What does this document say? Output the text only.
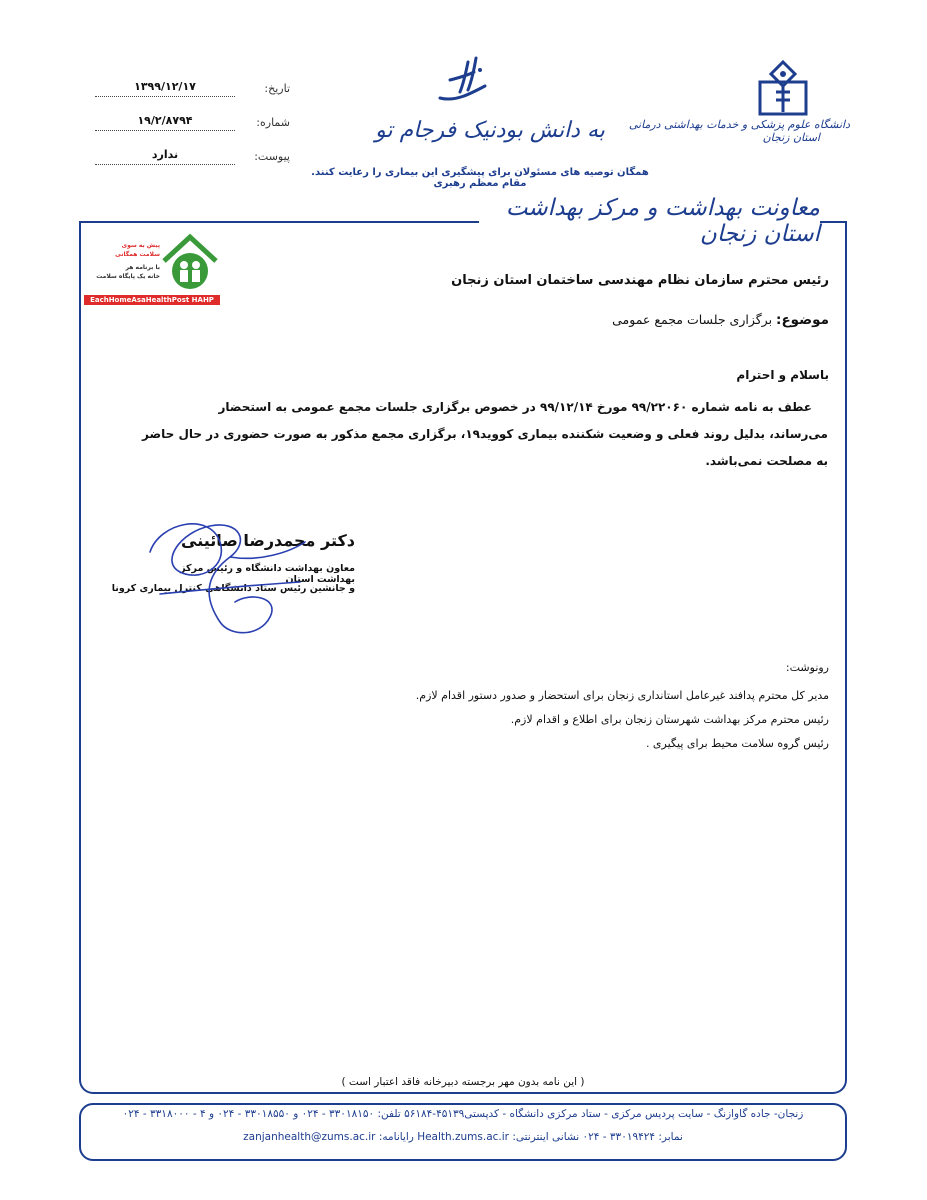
تاریخ:
۱۳۹۹/۱۲/۱۷
شماره:
۱۹/۲/۸۷۹۴
پیوست:
ندارد
به دانش بودنیک فرجام تو
همگان توصیه های مسئولان برای پیشگیری این بیماری را رعایت کنند. مقام معظم رهبری
دانشگاه علوم پزشکی و خدمات بهداشتی درمانی
استان زنجان
معاونت بهداشت و مرکز بهداشت استان زنجان
پیش به سوی
سلامت همگانی
با برنامه هر
خانه یک پایگاه سلامت
EachHomeAsaHealthPost HAHP
رئیس محترم سازمان نظام مهندسی ساختمان استان زنجان
موضوع: برگزاری جلسات مجمع عمومی
باسلام و احترام

عطف به نامه شماره ۹۹/۲۲۰۶۰ مورخ ۹۹/۱۲/۱۴ در خصوص برگزاری جلسات مجمع عمومی به استحضار

می‌رساند، بدلیل روند فعلی و وضعیت شکننده بیماری کووید۱۹، برگزاری مجمع مذکور به صورت حضوری در حال حاضر

به مصلحت نمی‌باشد.

دکتر محمدرضا صائینی
معاون بهداشت دانشگاه و رئیس مرکز بهداشت استان
و جانشین رئیس ستاد دانشگاهی کنترل بیماری کرونا
رونوشت:
مدیر کل محترم پدافند غیرعامل استانداری زنجان برای استحضار و صدور دستور اقدام لازم.
رئیس محترم مرکز بهداشت شهرستان زنجان برای اطلاع و اقدام لازم.
رئیس گروه سلامت محیط برای پیگیری .
( این نامه بدون مهر برجسته دبیرخانه فاقد اعتبار است )
زنجان- جاده گاوازنگ - سایت پردیس مرکزی - ستاد مرکزی دانشگاه - کدپستی۴۵۱۳۹-۵۶۱۸۴ تلفن: ۳۳۰۱۸۱۵۰ - ۰۲۴ و ۳۳۰۱۸۵۵۰ - ۰۲۴ و ۴ - ۳۳۱۸۰۰۰ - ۰۲۴
نمابر: ۳۳۰۱۹۴۲۴ - ۰۲۴ نشانی اینترنتی: Health.zums.ac.ir رایانامه: zanjanhealth@zums.ac.ir
